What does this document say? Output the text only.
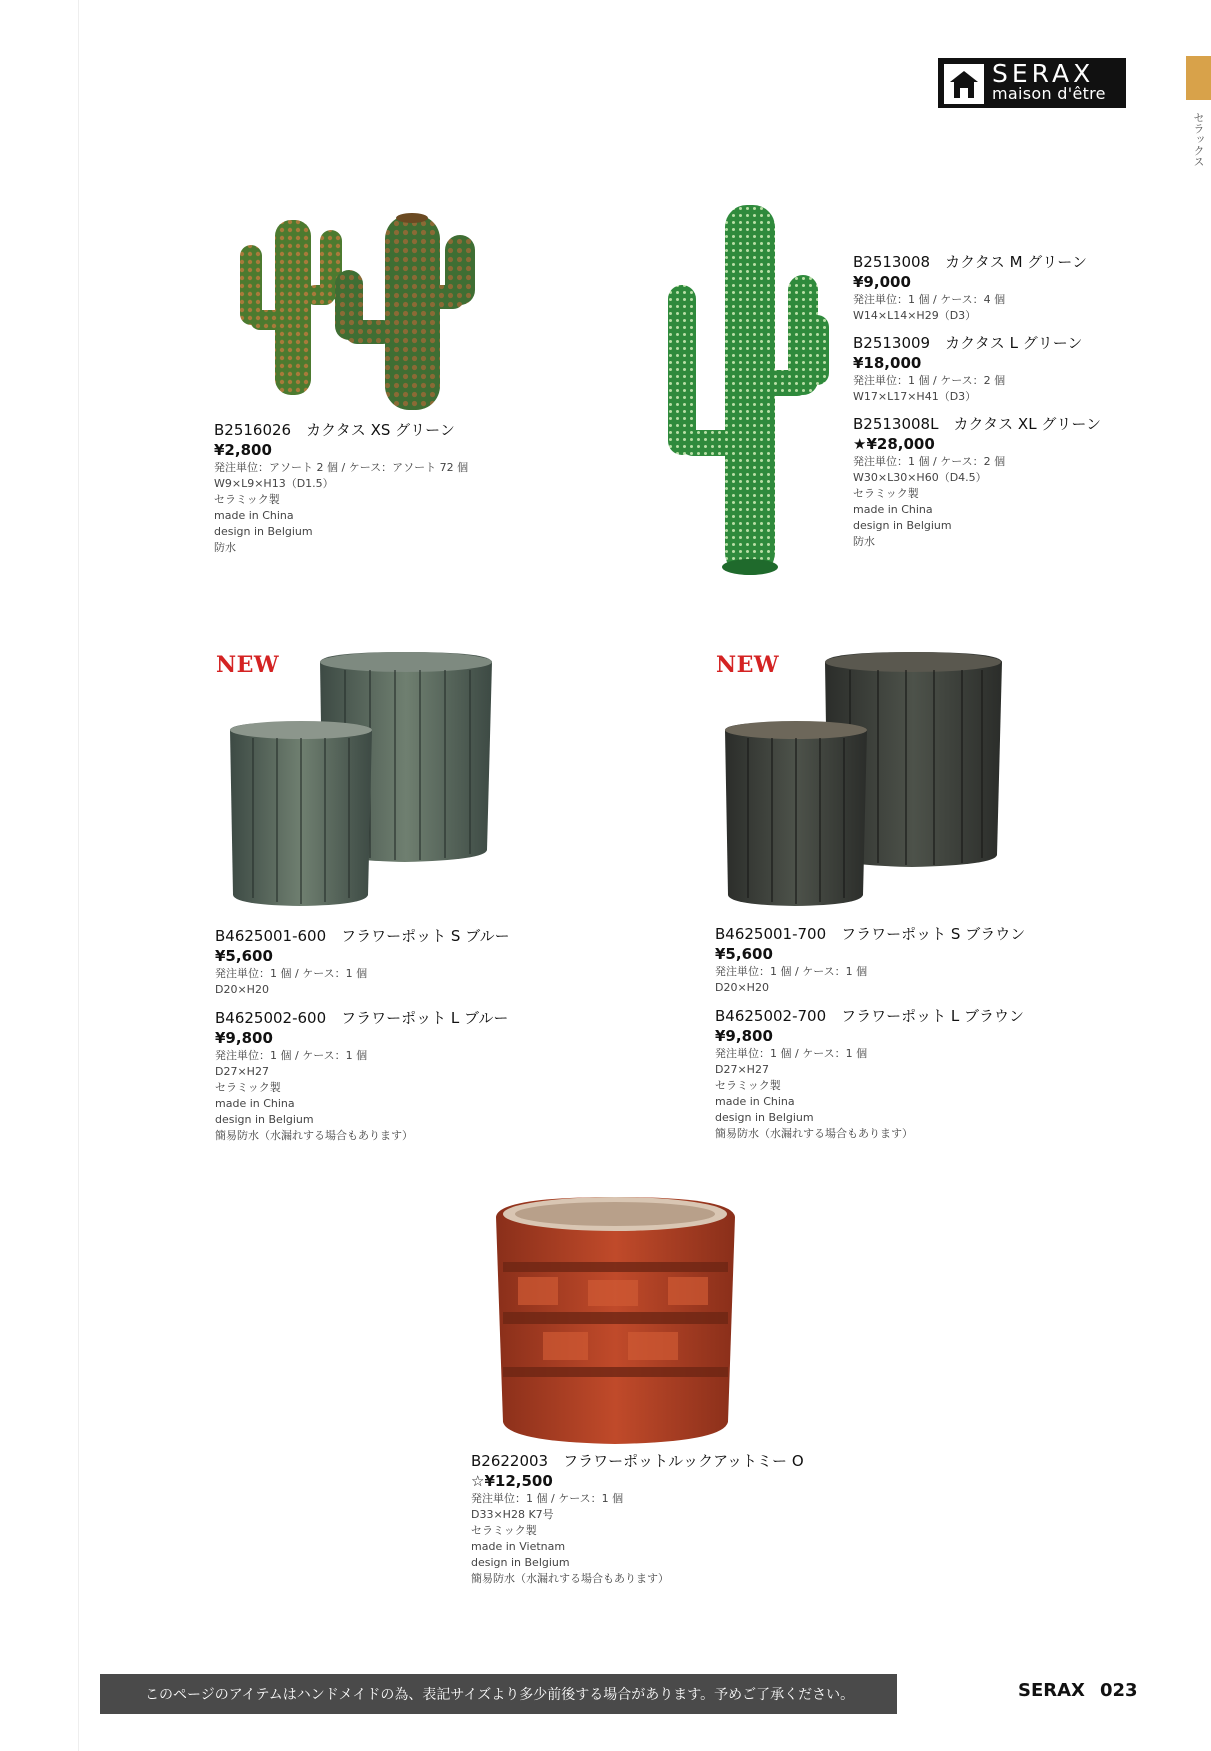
SERAX
maison d'être
セラックス
NEW	NEW
B2516026　カクタス XS グリーン
¥2,800
発注単位：アソート 2 個 / ケース：アソート 72 個
W9×L9×H13（D1.5）
セラミック製
made in China
design in Belgium
防水
B2513008　カクタス M グリーン
¥9,000
発注単位：1 個 / ケース：4 個
W14×L14×H29（D3）
B2513009　カクタス L グリーン
¥18,000
発注単位：1 個 / ケース：2 個
W17×L17×H41（D3）
B2513008L　カクタス XL グリーン
★¥28,000
発注単位：1 個 / ケース：2 個
W30×L30×H60（D4.5）
セラミック製
made in China
design in Belgium
防水
B4625001-600　フラワーポット S ブルー
¥5,600
発注単位：1 個 / ケース：1 個
D20×H20
B4625002-600　フラワーポット L ブルー
¥9,800
発注単位：1 個 / ケース：1 個
D27×H27
セラミック製
made in China
design in Belgium
簡易防水（水漏れする場合もあります）
B4625001-700　フラワーポット S ブラウン
¥5,600
発注単位：1 個 / ケース：1 個
D20×H20
B4625002-700　フラワーポット L ブラウン
¥9,800
発注単位：1 個 / ケース：1 個
D27×H27
セラミック製
made in China
design in Belgium
簡易防水（水漏れする場合もあります）
B2622003　フラワーポットルックアットミー O
☆¥12,500
発注単位：1 個 / ケース：1 個
D33×H28 K7号
セラミック製
made in Vietnam
design in Belgium
簡易防水（水漏れする場合もあります）
このページのアイテムはハンドメイドの為、表記サイズより多少前後する場合があります。予めご了承ください。	SERAX 023
